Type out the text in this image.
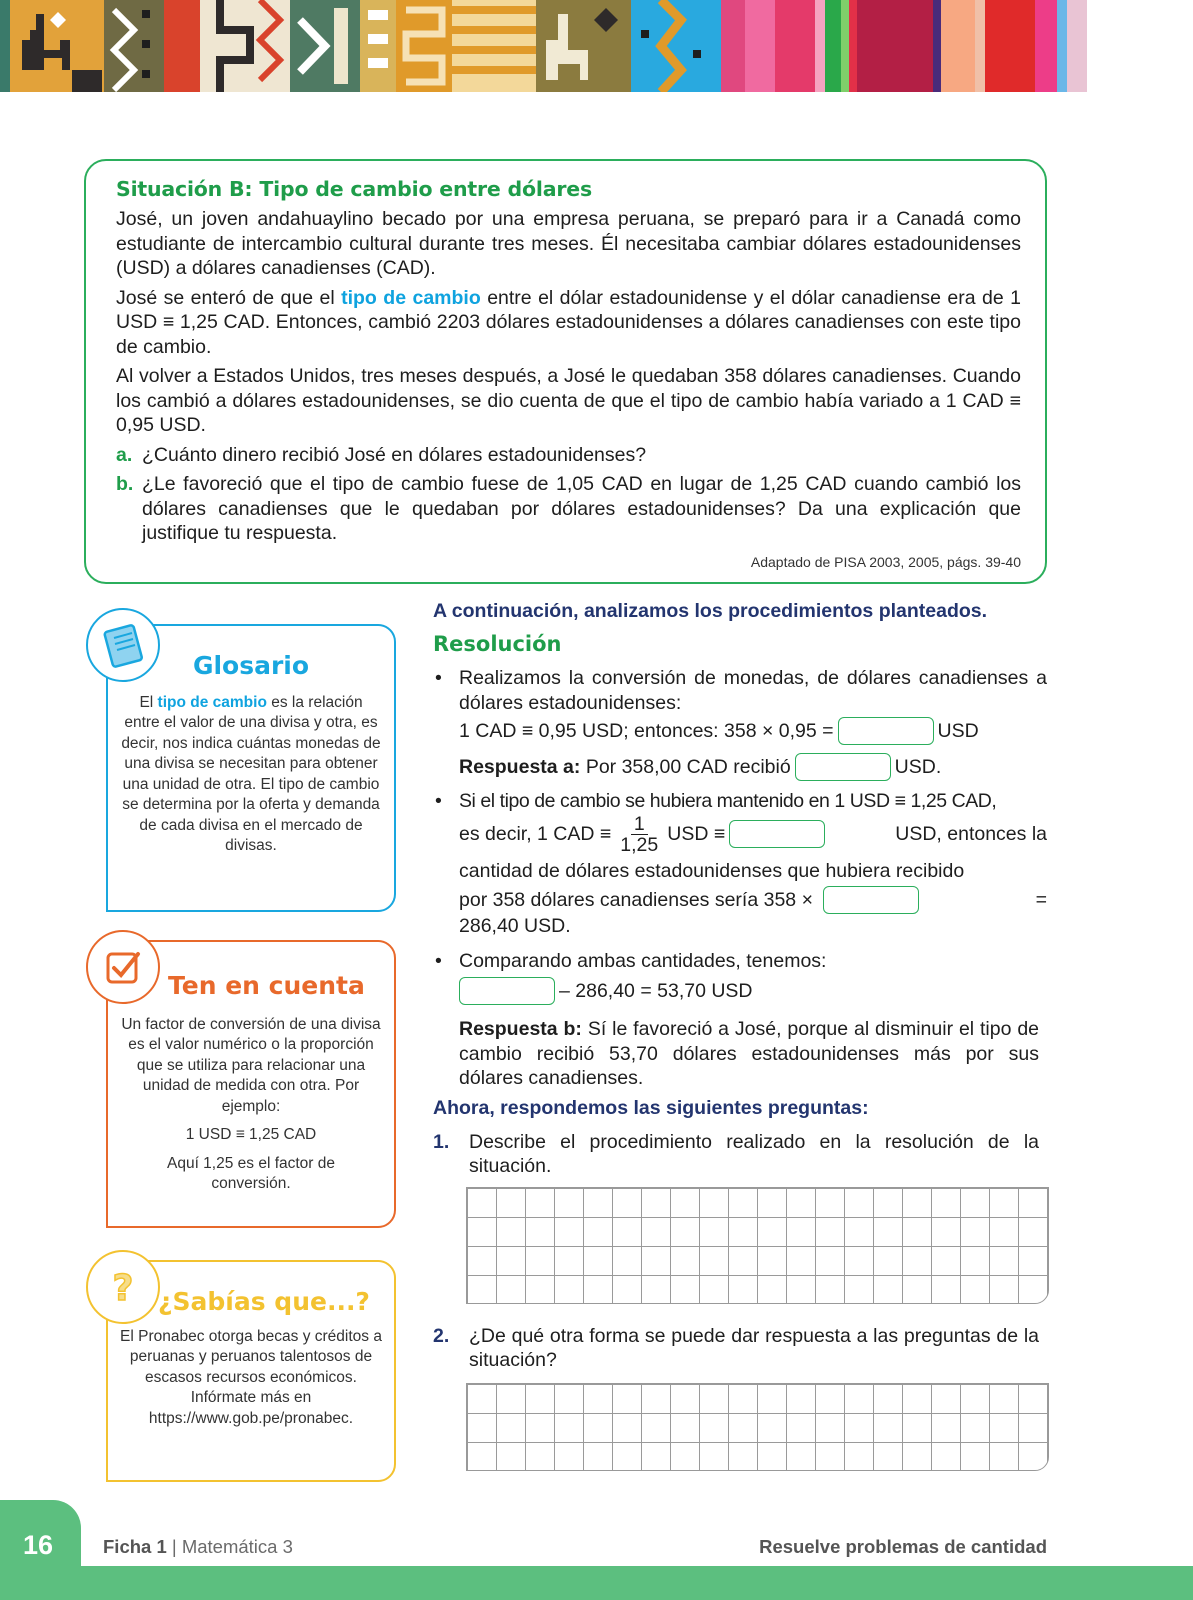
Situación B: Tipo de cambio entre dólares

José, un joven andahuaylino becado por una empresa peruana, se preparó para ir a Canadá como estudiante de intercambio cultural durante tres meses. Él necesitaba cambiar dólares estadounidenses (USD) a dólares canadienses (CAD).

José se enteró de que el tipo de cambio entre el dólar estadounidense y el dólar canadiense era de 1 USD ≡ 1,25 CAD. Entonces, cambió 2203 dólares estadounidenses a dólares canadienses con este tipo de cambio.

Al volver a Estados Unidos, tres meses después, a José le quedaban 358 dólares canadienses. Cuando los cambió a dólares estadounidenses, se dio cuenta de que el tipo de cambio había variado a 1 CAD ≡ 0,95 USD.

a. ¿Cuánto dinero recibió José en dólares estadounidenses?
b. ¿Le favoreció que el tipo de cambio fuese de 1,05 CAD en lugar de 1,25 CAD cuando cambió los dólares canadienses que le quedaban por dólares estadounidenses? Da una explicación que justifique tu respuesta.
Adaptado de PISA 2003, 2005, págs. 39-40
Glosario
El tipo de cambio es la relación entre el valor de una divisa y otra, es decir, nos indica cuántas monedas de una divisa se necesitan para obtener una unidad de otra. El tipo de cambio se determina por la oferta y demanda de cada divisa en el mercado de divisas.
Ten en cuenta
Un factor de conversión de una divisa es el valor numérico o la proporción que se utiliza para relacionar una unidad de medida con otra. Por ejemplo:
1 USD ≡ 1,25 CAD
Aquí 1,25 es el factor de conversión.
? ¿Sabías que...?
El Pronabec otorga becas y créditos a peruanas y peruanos talentosos de escasos recursos económicos. Infórmate más en https://www.gob.pe/pronabec.
A continuación, analizamos los procedimientos planteados.
Resolución
• Realizamos la conversión de monedas, de dólares canadienses a dólares estadounidenses:
1 CAD ≡ 0,95 USD; entonces: 358 × 0,95 =	USD
Respuesta a:
Por 358,00 CAD recibió	USD.
• Si el tipo de cambio se hubiera mantenido en 1 USD ≡ 1,25 CAD,
es decir, 1 CAD ≡ $\frac{1}{1,25}$ USD ≡	USD, entonces la
cantidad de dólares estadounidenses que hubiera recibido
por 358 dólares canadienses sería 358 ×	=
286,40 USD.
• Comparando ambas cantidades, tenemos:
– 286,40 = 53,70 USD
Respuesta b: Sí le favoreció a José, porque al disminuir el tipo de cambio recibió 53,70 dólares estadounidenses más por sus dólares canadienses.
Ahora, respondemos las siguientes preguntas:
1.	Describe el procedimiento realizado en la resolución de la situación.
2.	¿De qué otra forma se puede dar respuesta a las preguntas de la situación?
16	Ficha 1 | Matemática 3	Resuelve problemas de cantidad
